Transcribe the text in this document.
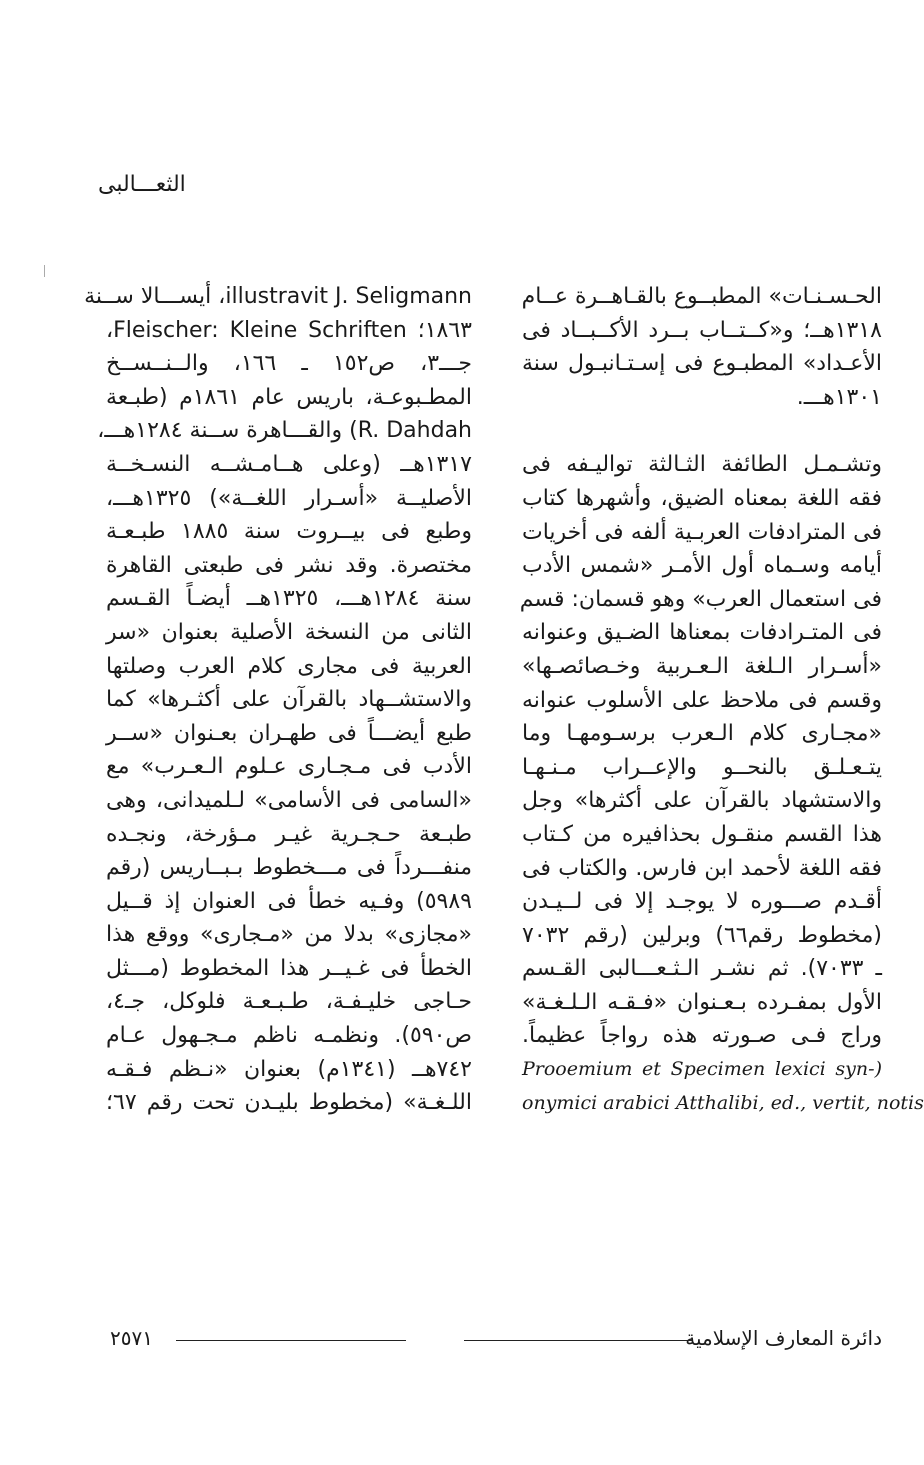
الثعـــالبى
الحـسـنـات» المطبــوع بالقـاهــرة عــام
١٣١٨هــ؛ و«كــتــاب بــرد الأكــبــاد فى
الأعـداد» المطبـوع فى إسـتـانبـول سنة
١٣٠١هـــ.
وتشـمـل الطائفة الثـالثة تواليـفه فى
فقه اللغة بمعناه الضيق، وأشهرها كتاب
فى المترادفات العربـية ألفه فى أخريات
أيامه وسـماه أول الأمـر «شمس الأدب
فى استعمال العرب» وهو قسمان: قسم
فى المتـرادفات بمعناها الضـيق وعنوانه
«أسـرار الـلغة الـعـربية وخـصائصـها»
وقسم فى ملاحظ على الأسلوب عنوانه
«مجـارى كلام الـعرب برسـومهـا وما
يتـعـلـق بالنحــو والإعــراب مـنـهـا
والاستشهاد بالقرآن على أكثرها» وجل
هذا القسم منقـول بحذافيره من كـتاب
فقه اللغة لأحمد ابن فارس. والكتاب فى
أقـدم صـــوره لا يوجـد إلا فى لــيـدن
(مخطوط رقم٦٦) وبرلين (رقم ٧٠٣٢
ـ ٧٠٣٣). ثم نشـر الـثـعـــالبى القـسم
الأول بمفـرده بـعـنوان «فـقـه الـلـغـة»
وراج فـى صـورته هذه رواجاً عظيماً.
Prooemium et Specimen lexici syn-)
onymici arabici Atthalibi, ed., vertit, notis
illustravit J. Seligmann، أيســـالا ســنة
١٨٦٣؛ Fleischer: Kleine Schriften،
جـــ٣، ص١٥٢ ـ ١٦٦، والــنــســخ
المطـبوعـة، باريس عام ١٨٦١م (طبـعة
R. Dahdah) والقـــاهرة ســنة ١٢٨٤هـــ،
١٣١٧هــ (وعلى هــامـشــه النسـخــة
الأصليــة «أسـرار اللغــة») ١٣٢٥هـــ،
وطبع فى بيــروت سنة ١٨٨٥ طبـعـة
مختصرة. وقد نشر فى طبعتى القاهرة
سنة ١٢٨٤هـــ، ١٣٢٥هــ أيضـاً القـسم
الثانى من النسخة الأصلية بعنوان «سر
العربية فى مجارى كلام العرب وصلتها
والاستشــهاد بالقرآن على أكثـرها» كما
طبع أيضـــاً فى طهـران بعـنوان «ســر
الأدب فى مـجـارى عـلوم الـعـرب» مع
«السامى فى الأسامى» لـلميدانى، وهى
طبـعة حـجـرية غيـر مـؤرخة، ونجـده
منفـــرداً فى مـــخطوط بـبــاريس (رقم
٥٩٨٩) وفـيه خطأ فى العنوان إذ قــيل
«مجازى» بدلا من «مـجارى» ووقع هذا
الخطأ فى غـيــر هذا المخطوط (مـــثل
حـاجى خليـفـة، طـبـعـة فلوكل، جـ٤،
ص٥٩٠). ونظمـه ناظم مـجـهول عـام
٧٤٢هــ (١٣٤١م) بعنوان «نـظم فـقـه
اللـغـة» (مخطوط بليـدن تحت رقم ٦٧؛
دائرة المعارف الإسلامية
٢٥٧١
